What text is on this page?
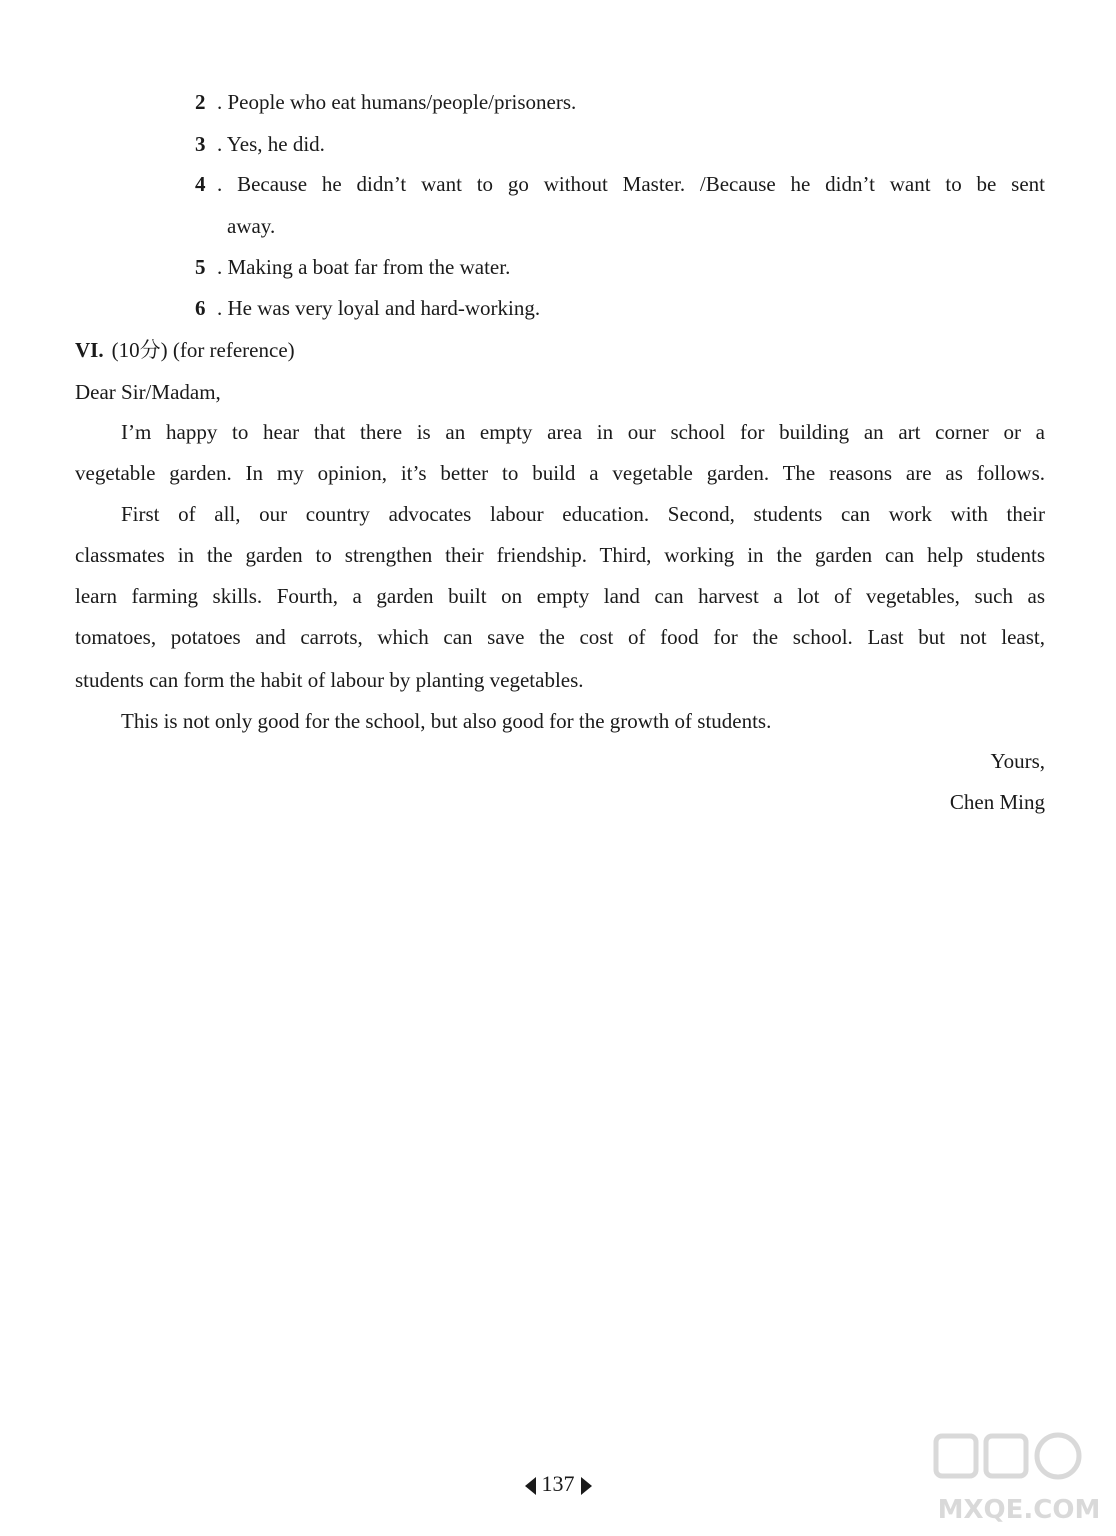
2 . People who eat humans/people/prisoners.
3 . Yes, he did.
4 . Because he didn’t want to go without Master. /Because he didn’t want to be sent
away.
5 . Making a boat far from the water.
6 . He was very loyal and hard-working.
VI. (10分) (for reference)
Dear Sir/Madam,
I’m happy to hear that there is an empty area in our school for building an art corner or a
vegetable garden. In my opinion, it’s better to build a vegetable garden. The reasons are as follows.
First of all, our country advocates labour education. Second, students can work with their
classmates in the garden to strengthen their friendship. Third, working in the garden can help students
learn farming skills. Fourth, a garden built on empty land can harvest a lot of vegetables, such as
tomatoes, potatoes and carrots, which can save the cost of food for the school. Last but not least,
students can form the habit of labour by planting vegetables.
This is not only good for the school, but also good for the growth of students.
Yours,
Chen Ming
137
MXQE.COM
